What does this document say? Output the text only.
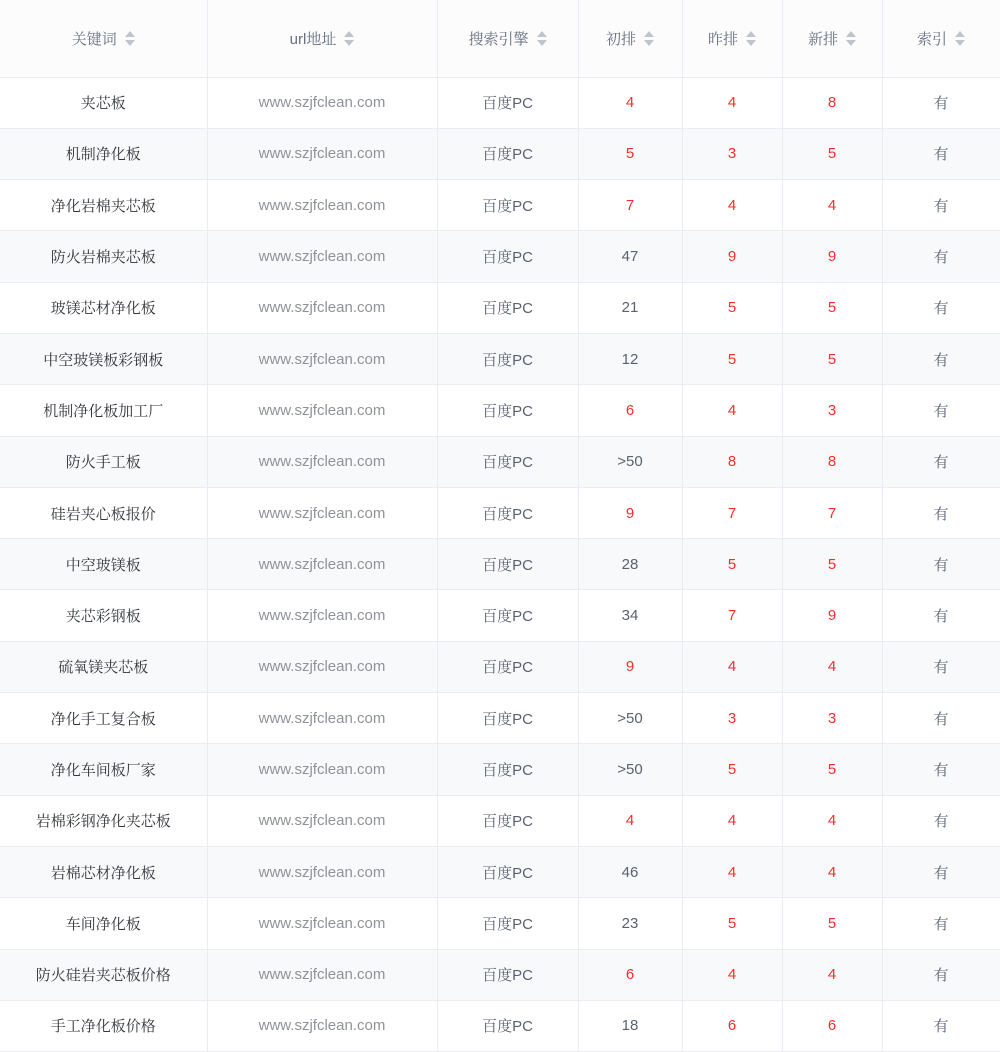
关键词	url地址	搜索引擎	初排	昨排	新排	索引

夹芯板	www.szjfclean.com	百度PC	4	4	8	有
机制净化板	www.szjfclean.com	百度PC	5	3	5	有
净化岩棉夹芯板	www.szjfclean.com	百度PC	7	4	4	有
防火岩棉夹芯板	www.szjfclean.com	百度PC	47	9	9	有
玻镁芯材净化板	www.szjfclean.com	百度PC	21	5	5	有
中空玻镁板彩钢板	www.szjfclean.com	百度PC	12	5	5	有
机制净化板加工厂	www.szjfclean.com	百度PC	6	4	3	有
防火手工板	www.szjfclean.com	百度PC	>50	8	8	有
硅岩夹心板报价	www.szjfclean.com	百度PC	9	7	7	有
中空玻镁板	www.szjfclean.com	百度PC	28	5	5	有
夹芯彩钢板	www.szjfclean.com	百度PC	34	7	9	有
硫氧镁夹芯板	www.szjfclean.com	百度PC	9	4	4	有
净化手工复合板	www.szjfclean.com	百度PC	>50	3	3	有
净化车间板厂家	www.szjfclean.com	百度PC	>50	5	5	有
岩棉彩钢净化夹芯板	www.szjfclean.com	百度PC	4	4	4	有
岩棉芯材净化板	www.szjfclean.com	百度PC	46	4	4	有
车间净化板	www.szjfclean.com	百度PC	23	5	5	有
防火硅岩夹芯板价格	www.szjfclean.com	百度PC	6	4	4	有
手工净化板价格	www.szjfclean.com	百度PC	18	6	6	有
